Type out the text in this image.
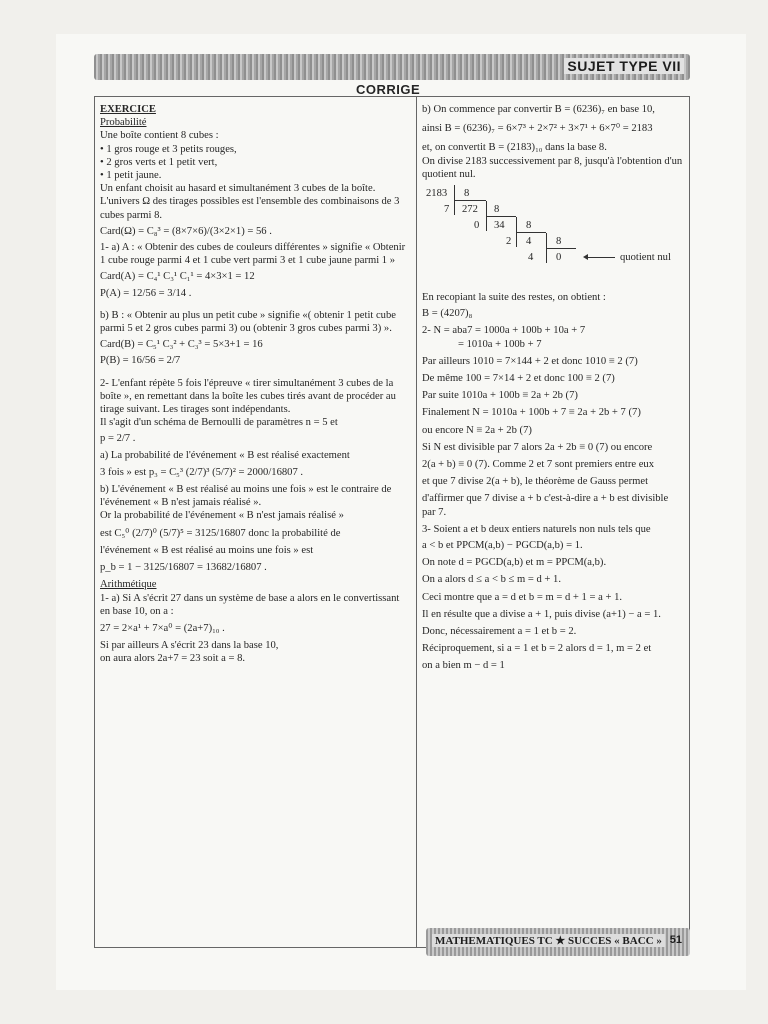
SUJET TYPE VII
CORRIGE

EXERCICE

Probabilité

Une boîte contient 8 cubes :

• 1 gros rouge et 3 petits rouges,

• 2 gros verts et 1 petit vert,

• 1 petit jaune.

Un enfant choisit au hasard et simultanément 3 cubes de la boîte.

L'univers Ω des tirages possibles est l'ensemble des combinaisons de 3 cubes parmi 8.

Card(Ω) = C₈³ = (8×7×6)/(3×2×1) = 56 .

1- a) A : « Obtenir des cubes de couleurs différentes » signifie « Obtenir 1 cube rouge parmi 4 et 1 cube vert parmi 3 et 1 cube jaune parmi 1 »

Card(A) = C₄¹ C₃¹ C₁¹ = 4×3×1 = 12

P(A) = 12/56 = 3/14 .

b) B : « Obtenir au plus un petit cube » signifie «( obtenir 1 petit cube parmi 5 et 2 gros cubes parmi 3) ou (obtenir 3 gros cubes parmi 3) ».

Card(B) = C₅¹ C₃² + C₃³ = 5×3+1 = 16

P(B) = 16/56 = 2/7

2- L'enfant répète 5 fois l'épreuve « tirer simultanément 3 cubes de la boîte », en remettant dans la boîte les cubes tirés avant de procéder au tirage suivant. Les tirages sont indépendants.

Il s'agit d'un schéma de Bernoulli de paramètres n = 5 et

p = 2/7 .

a) La probabilité de l'événement « B est réalisé exactement

3 fois » est p₃ = C₅³ (2/7)³ (5/7)² = 2000/16807 .

b) L'événement « B est réalisé au moins une fois » est le contraire de l'événement « B n'est jamais réalisé ».

Or la probabilité de l'événement « B n'est jamais réalisé »

est C₅⁰ (2/7)⁰ (5/7)⁵ = 3125/16807 donc la probabilité de

l'événement « B est réalisé au moins une fois » est

p_b = 1 − 3125/16807 = 13682/16807 .

Arithmétique

1- a) Si A s'écrit 27 dans un système de base a alors en le convertissant en base 10, on a :

27 = 2×a¹ + 7×a⁰ = (2a+7)₁₀ .

Si par ailleurs A s'écrit 23 dans la base 10,

on aura alors 2a+7 = 23 soit a = 8.

b) On commence par convertir B = (6236)₇ en base 10,

ainsi B = (6236)₇ = 6×7³ + 2×7² + 3×7¹ + 6×7⁰ = 2183

et, on convertit B = (2183)₁₀ dans la base 8.

On divise 2183 successivement par 8, jusqu'à l'obtention d'un quotient nul.

2183 8
7 272 8
0 34 8
2 4 8
4 0	quotient nul

En recopiant la suite des restes, on obtient :

B = (4207)₈

2- N = aba7 = 1000a + 100b + 10a + 7

= 1010a + 100b + 7

Par ailleurs 1010 = 7×144 + 2 et donc 1010 ≡ 2 (7)

De même 100 = 7×14 + 2 et donc 100 ≡ 2 (7)

Par suite 1010a + 100b ≡ 2a + 2b (7)

Finalement N = 1010a + 100b + 7 ≡ 2a + 2b + 7 (7)

ou encore N ≡ 2a + 2b (7)

Si N est divisible par 7 alors 2a + 2b ≡ 0 (7) ou encore

2(a + b) ≡ 0 (7). Comme 2 et 7 sont premiers entre eux

et que 7 divise 2(a + b), le théorème de Gauss permet

d'affirmer que 7 divise a + b c'est-à-dire a + b est divisible

par 7.

3- Soient a et b deux entiers naturels non nuls tels que

a < b et PPCM(a,b) − PGCD(a,b) = 1.

On note d = PGCD(a,b) et m = PPCM(a,b).

On a alors d ≤ a < b ≤ m = d + 1.

Ceci montre que a = d et b = m = d + 1 = a + 1.

Il en résulte que a divise a + 1, puis divise (a+1) − a = 1.

Donc, nécessairement a = 1 et b = 2.

Réciproquement, si a = 1 et b = 2 alors d = 1, m = 2 et

on a bien m − d = 1

MATHEMATIQUES TC ★ SUCCES « BACC » 51
